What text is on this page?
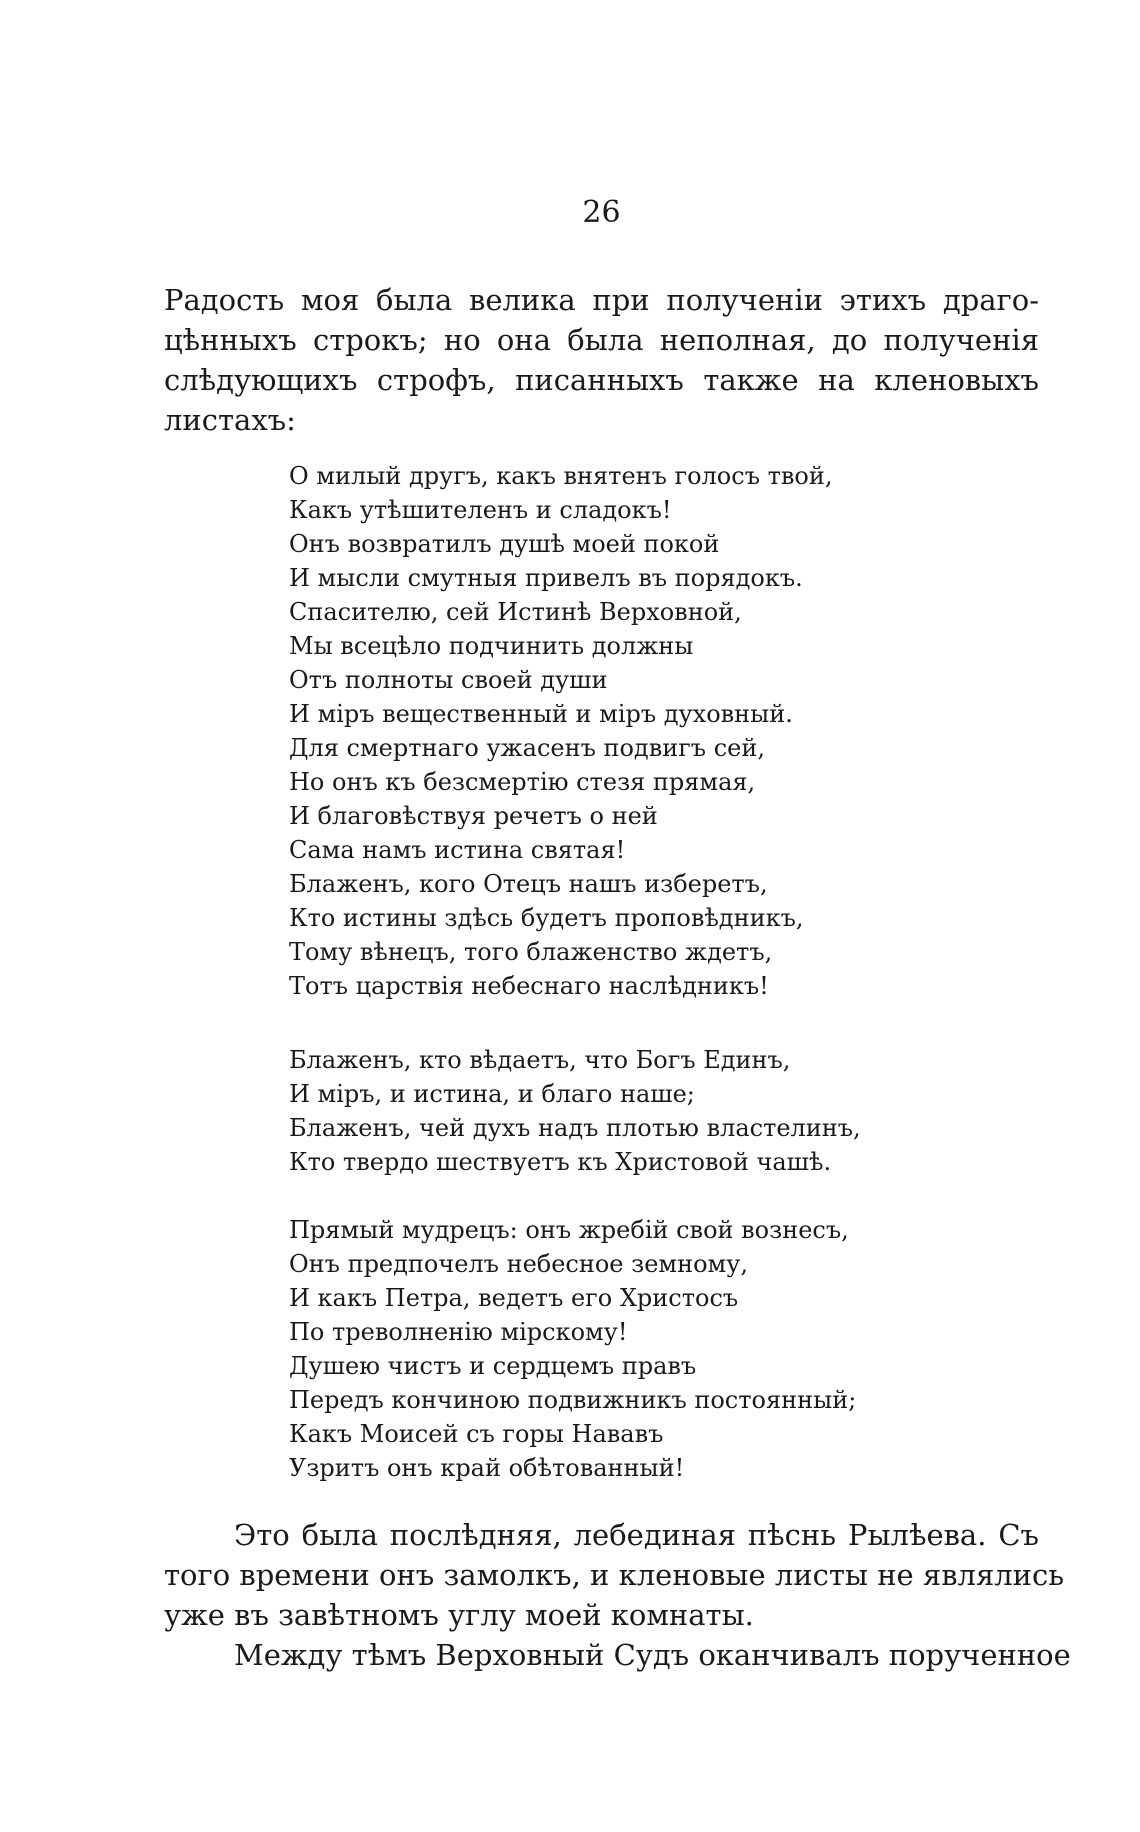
26
Радость моя была велика при полученіи этихъ драго-
цѣнныхъ строкъ; но она была неполная, до полученія
слѣдующихъ строфъ, писанныхъ также на кленовыхъ
листахъ:
О милый другъ, какъ внятенъ голосъ твой,
Какъ утѣшителенъ и сладокъ!
Онъ возвратилъ душѣ моей покой
И мысли смутныя привелъ въ порядокъ.
Спасителю, сей Истинѣ Верховной,
Мы всецѣло подчинить должны
Отъ полноты своей души
И міръ вещественный и міръ духовный.
Для смертнаго ужасенъ подвигъ сей,
Но онъ къ безсмертію стезя прямая,
И благовѣствуя речетъ о ней
Сама намъ истина святая!
Блаженъ, кого Отецъ нашъ изберетъ,
Кто истины здѣсь будетъ проповѣдникъ,
Тому вѣнецъ, того блаженство ждетъ,
Тотъ царствія небеснаго наслѣдникъ!
Блаженъ, кто вѣдаетъ, что Богъ Единъ,
И міръ, и истина, и благо наше;
Блаженъ, чей духъ надъ плотью властелинъ,
Кто твердо шествуетъ къ Христовой чашѣ.
Прямый мудрецъ: онъ жребій свой вознесъ,
Онъ предпочелъ небесное земному,
И какъ Петра, ведетъ его Христосъ
По треволненію мірскому!
Душею чистъ и сердцемъ правъ
Передъ кончиною подвижникъ постоянный;
Какъ Моисей съ горы Нававъ
Узритъ онъ край обѣтованный!
Это была послѣдняя, лебединая пѣснь Рылѣева. Съ
того времени онъ замолкъ, и кленовые листы не являлись
уже въ завѣтномъ углу моей комнаты.
Между тѣмъ Верховный Судъ оканчивалъ порученное
